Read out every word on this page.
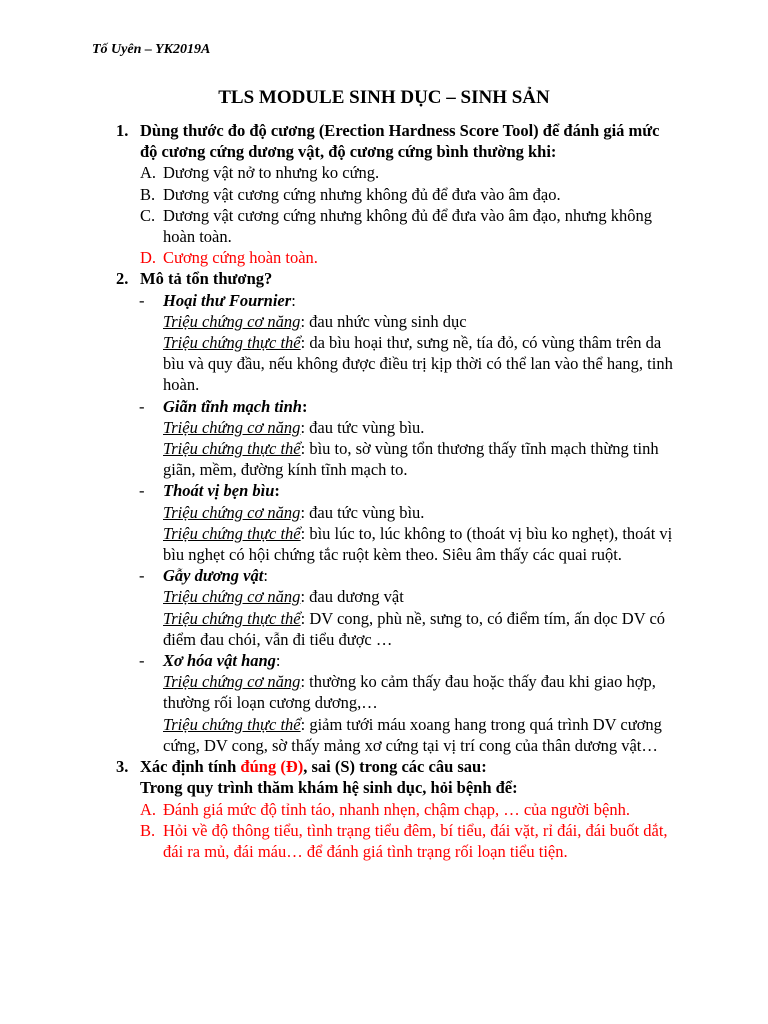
Tố Uyên – YK2019A
TLS MODULE SINH DỤC – SINH SẢN
1. Dùng thước đo độ cương (Erection Hardness Score Tool) để đánh giá mức độ cương cứng dương vật, độ cương cứng bình thường khi:
A. Dương vật nở to nhưng ko cứng.
B. Dương vật cương cứng nhưng không đủ để đưa vào âm đạo.
C. Dương vật cương cứng nhưng không đủ để đưa vào âm đạo, nhưng không hoàn toàn.
D. Cương cứng hoàn toàn.
2. Mô tả tổn thương?
- Hoại thư Fournier:
Triệu chứng cơ năng: đau nhức vùng sinh dục
Triệu chứng thực thể: da bìu hoại thư, sưng nề, tía đỏ, có vùng thâm trên da bìu và quy đầu, nếu không được điều trị kịp thời có thể lan vào thể hang, tinh hoàn.
- Giãn tĩnh mạch tinh:
Triệu chứng cơ năng: đau tức vùng bìu.
Triệu chứng thực thể: bìu to, sờ vùng tổn thương thấy tĩnh mạch thừng tinh giãn, mềm, đường kính tĩnh mạch to.
- Thoát vị bẹn bìu:
Triệu chứng cơ năng: đau tức vùng bìu.
Triệu chứng thực thể: bìu lúc to, lúc không to (thoát vị bìu ko nghẹt), thoát vị bìu nghẹt có hội chứng tắc ruột kèm theo. Siêu âm thấy các quai ruột.
- Gẫy dương vật:
Triệu chứng cơ năng: đau dương vật
Triệu chứng thực thể: DV cong, phù nề, sưng to, có điểm tím, ấn dọc DV có điểm đau chói, vẫn đi tiểu được …
- Xơ hóa vật hang:
Triệu chứng cơ năng: thường ko cảm thấy đau hoặc thấy đau khi giao hợp, thường rối loạn cương dương,…
Triệu chứng thực thể: giảm tưới máu xoang hang trong quá trình DV cương cứng, DV cong, sờ thấy mảng xơ cứng tại vị trí cong của thân dương vật…
3. Xác định tính đúng (Đ), sai (S) trong các câu sau:
Trong quy trình thăm khám hệ sinh dục, hỏi bệnh để:
A. Đánh giá mức độ tỉnh táo, nhanh nhẹn, chậm chạp, … của người bệnh.
B. Hỏi về độ thông tiểu, tình trạng tiểu đêm, bí tiểu, đái vặt, rỉ đái, đái buốt dắt, đái ra mủ, đái máu… để đánh giá tình trạng rối loạn tiểu tiện.
